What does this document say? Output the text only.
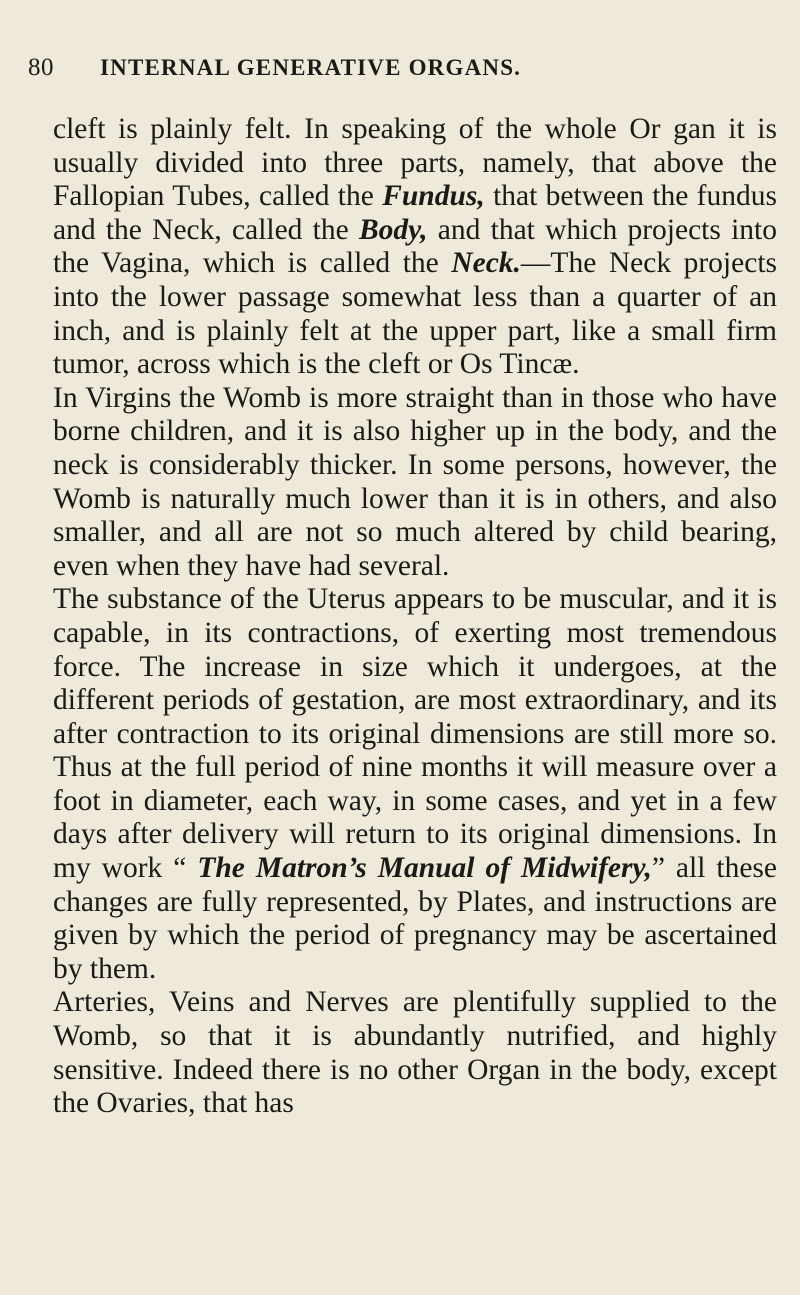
80 INTERNAL GENERATIVE ORGANS.

cleft is plainly felt. In speaking of the whole Or gan it is usually divided into three parts, namely, that above the Fallopian Tubes, called the Fundus, that between the fundus and the Neck, called the Body, and that which projects into the Vagina, which is called the Neck.—The Neck projects into the lower passage somewhat less than a quarter of an inch, and is plainly felt at the upper part, like a small firm tumor, across which is the cleft or Os Tincæ.

In Virgins the Womb is more straight than in those who have borne children, and it is also higher up in the body, and the neck is considerably thicker. In some persons, however, the Womb is naturally much lower than it is in others, and also smaller, and all are not so much altered by child bearing, even when they have had several.

The substance of the Uterus appears to be muscular, and it is capable, in its contractions, of exerting most tremendous force. The increase in size which it undergoes, at the different periods of gestation, are most extraordinary, and its after contraction to its original dimensions are still more so. Thus at the full period of nine months it will measure over a foot in diameter, each way, in some cases, and yet in a few days after delivery will return to its original dimensions. In my work “ The Matron’s Manual of Midwifery,” all these changes are fully represented, by Plates, and instructions are given by which the period of pregnancy may be ascertained by them.

Arteries, Veins and Nerves are plentifully supplied to the Womb, so that it is abundantly nutrified, and highly sensitive. Indeed there is no other Organ in the body, except the Ovaries, that has
